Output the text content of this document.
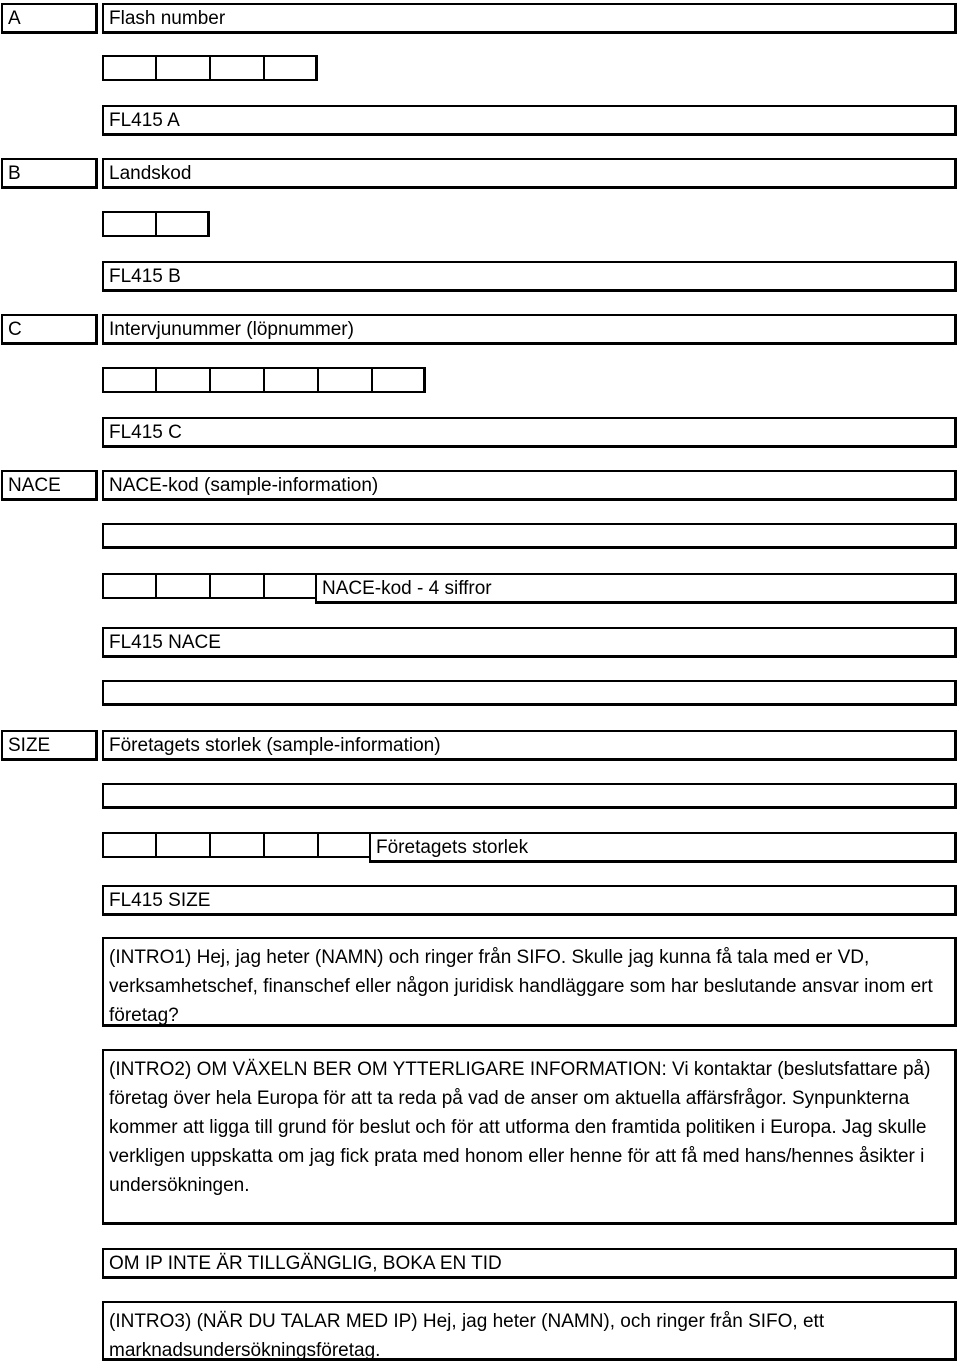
A	Flash number
FL415 A
B	Landskod
FL415 B
C	Intervjunummer (löpnummer)
FL415 C
NACE	NACE-kod (sample-information)
NACE-kod - 4 siffror
FL415 NACE
SIZE	Företagets storlek (sample-information)
Företagets storlek
FL415 SIZE
(INTRO1) Hej, jag heter (NAMN) och ringer från SIFO. Skulle jag kunna få tala med er VD, verksamhetschef, finanschef eller någon juridisk handläggare som har beslutande ansvar inom ert företag?
(INTRO2) OM VÄXELN BER OM YTTERLIGARE INFORMATION: Vi kontaktar (beslutsfattare på) företag över hela Europa för att ta reda på vad de anser om aktuella affärsfrågor. Synpunkterna kommer att ligga till grund för beslut och för att utforma den framtida politiken i Europa. Jag skulle verkligen uppskatta om jag fick prata med honom eller henne för att få med hans/hennes åsikter i undersökningen.
OM IP INTE ÄR TILLGÄNGLIG, BOKA EN TID
(INTRO3) (NÄR DU TALAR MED IP) Hej, jag heter (NAMN), och ringer från SIFO, ett marknadsundersökningsföretag.
